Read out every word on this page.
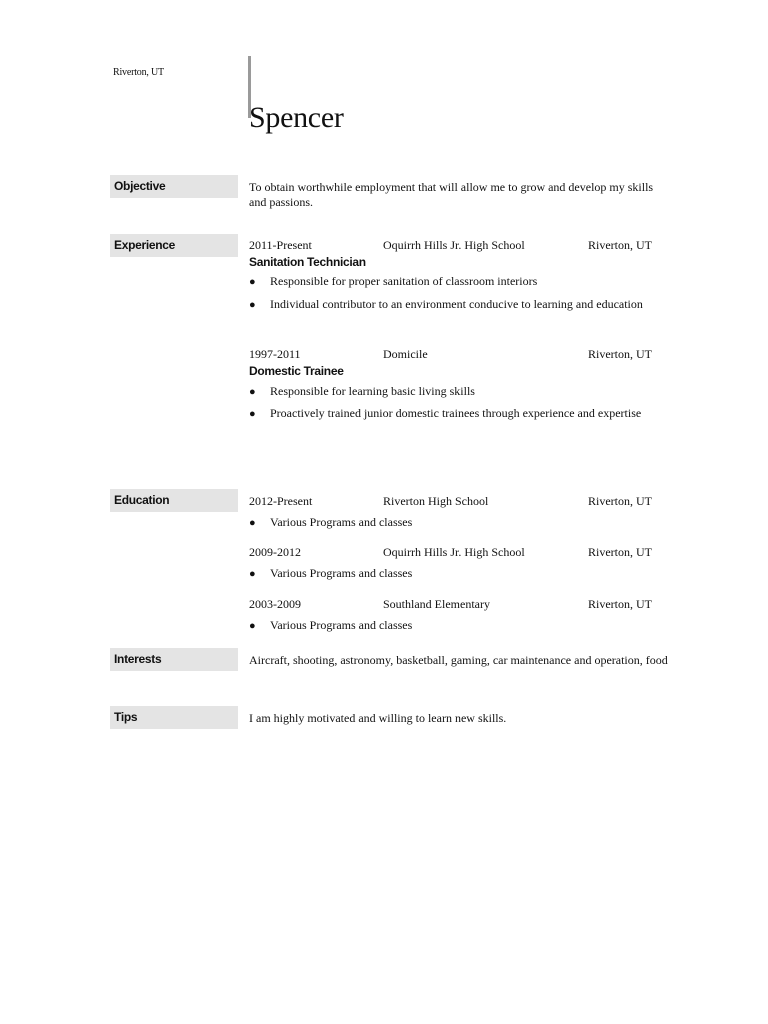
Riverton, UT
Spencer
Objective	To obtain worthwhile employment that will allow me to grow and develop my skills and passions.
Experience	2011-Present	Oquirrh Hills Jr. High School	Riverton, UT
Sanitation Technician
● Responsible for proper sanitation of classroom interiors
● Individual contributor to an environment conducive to learning and education
1997-2011	Domicile	Riverton, UT
Domestic Trainee
● Responsible for learning basic living skills
● Proactively trained junior domestic trainees through experience and expertise
Education	2012-Present	Riverton High School	Riverton, UT
● Various Programs and classes
2009-2012	Oquirrh Hills Jr. High School	Riverton, UT
● Various Programs and classes
2003-2009	Southland Elementary	Riverton, UT
● Various Programs and classes
Interests	Aircraft, shooting, astronomy, basketball, gaming, car maintenance and operation, food
Tips	I am highly motivated and willing to learn new skills.
